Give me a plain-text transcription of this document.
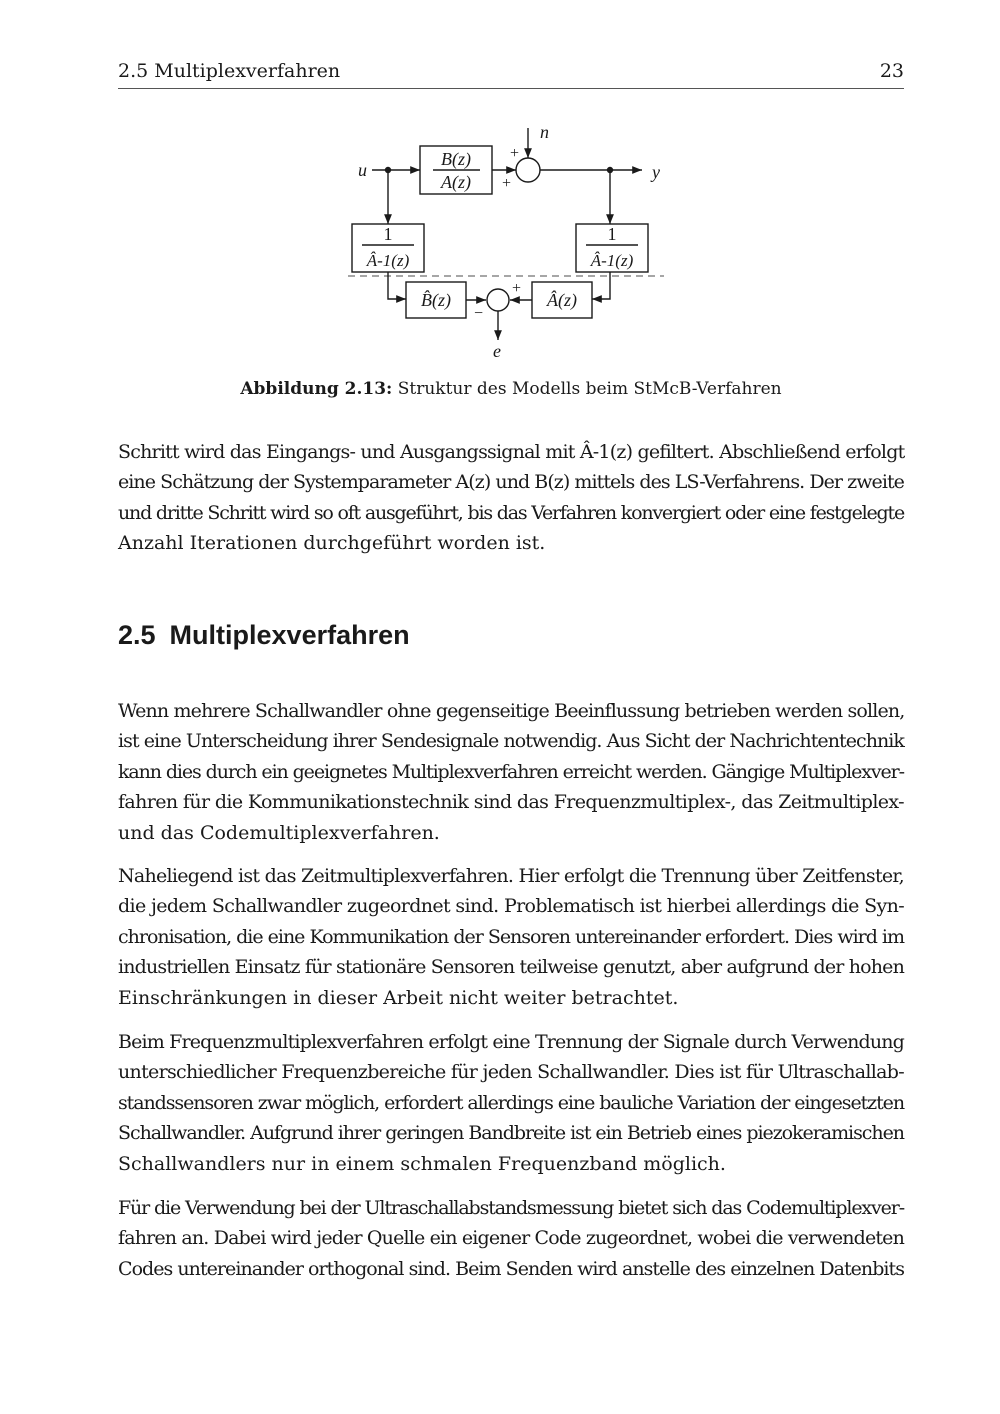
2.5 Multiplexverfahren	23
u	y
n
e
B(z)
A(z)
1
Â-1(z)
1
Â-1(z)
B̂(z)	Â(z)
+
+
−
+
Abbildung 2.13: Struktur des Modells beim StMcB-Verfahren

Schritt wird das Eingangs- und Ausgangssignal mit Â-1(z) gefiltert. Abschließend erfolgt
eine Schätzung der Systemparameter A(z) und B(z) mittels des LS-Verfahrens. Der zweite
und dritte Schritt wird so oft ausgeführt, bis das Verfahren konvergiert oder eine festgelegte
Anzahl Iterationen durchgeführt worden ist.

2.5 Multiplexverfahren

Wenn mehrere Schallwandler ohne gegenseitige Beeinflussung betrieben werden sollen,
ist eine Unterscheidung ihrer Sendesignale notwendig. Aus Sicht der Nachrichtentechnik
kann dies durch ein geeignetes Multiplexverfahren erreicht werden. Gängige Multiplexver-
fahren für die Kommunikationstechnik sind das Frequenzmultiplex-, das Zeitmultiplex-
und das Codemultiplexverfahren.

Naheliegend ist das Zeitmultiplexverfahren. Hier erfolgt die Trennung über Zeitfenster,
die jedem Schallwandler zugeordnet sind. Problematisch ist hierbei allerdings die Syn-
chronisation, die eine Kommunikation der Sensoren untereinander erfordert. Dies wird im
industriellen Einsatz für stationäre Sensoren teilweise genutzt, aber aufgrund der hohen
Einschränkungen in dieser Arbeit nicht weiter betrachtet.

Beim Frequenzmultiplexverfahren erfolgt eine Trennung der Signale durch Verwendung
unterschiedlicher Frequenzbereiche für jeden Schallwandler. Dies ist für Ultraschallab-
standssensoren zwar möglich, erfordert allerdings eine bauliche Variation der eingesetzten
Schallwandler. Aufgrund ihrer geringen Bandbreite ist ein Betrieb eines piezokeramischen
Schallwandlers nur in einem schmalen Frequenzband möglich.

Für die Verwendung bei der Ultraschallabstandsmessung bietet sich das Codemultiplexver-
fahren an. Dabei wird jeder Quelle ein eigener Code zugeordnet, wobei die verwendeten
Codes untereinander orthogonal sind. Beim Senden wird anstelle des einzelnen Datenbits
